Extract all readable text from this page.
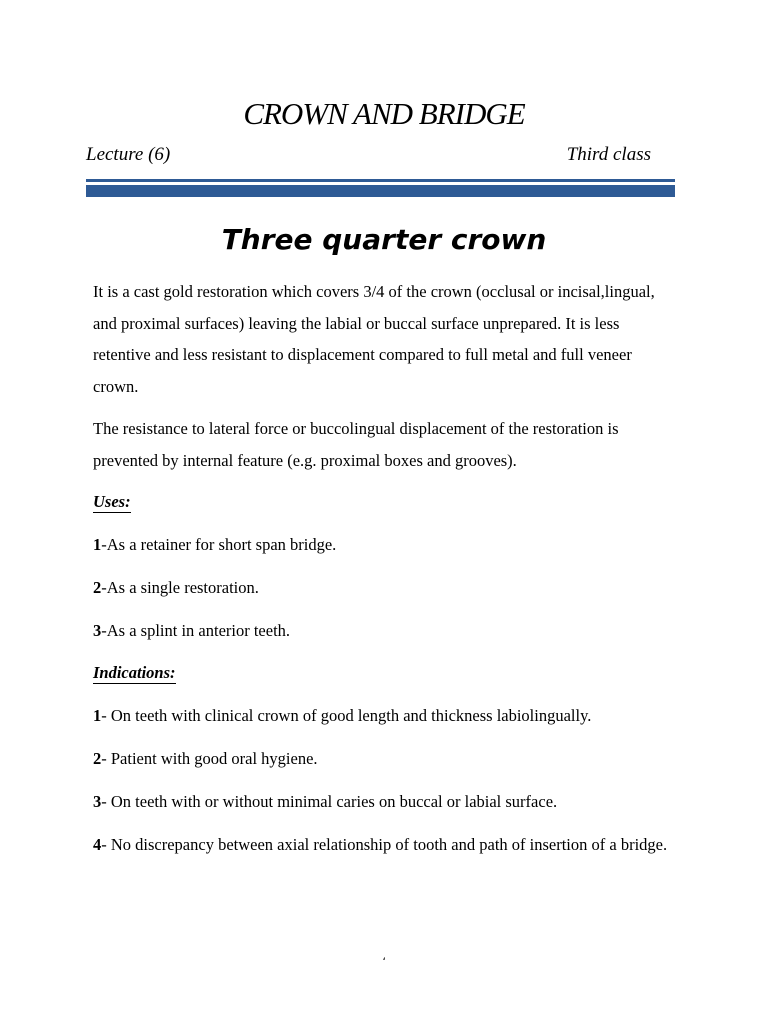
CROWN AND BRIDGE
Lecture (6)	Third class
Three quarter crown

It is a cast gold restoration which covers 3/4 of the crown (occlusal or incisal,lingual, and proximal surfaces) leaving the labial or buccal surface unprepared. It is less retentive and less resistant to displacement compared to full metal and full veneer crown.

The resistance to lateral force or buccolingual displacement of the restoration is prevented by internal feature (e.g. proximal boxes and grooves).

Uses:
1-As a retainer for short span bridge.
2-As a single restoration.
3-As a splint in anterior teeth.
Indications:
1- On teeth with clinical crown of good length and thickness labiolingually.
2- Patient with good oral hygiene.
3- On teeth with or without minimal caries on buccal or labial surface.
4- No discrepancy between axial relationship of tooth and path of insertion of a bridge.
،
